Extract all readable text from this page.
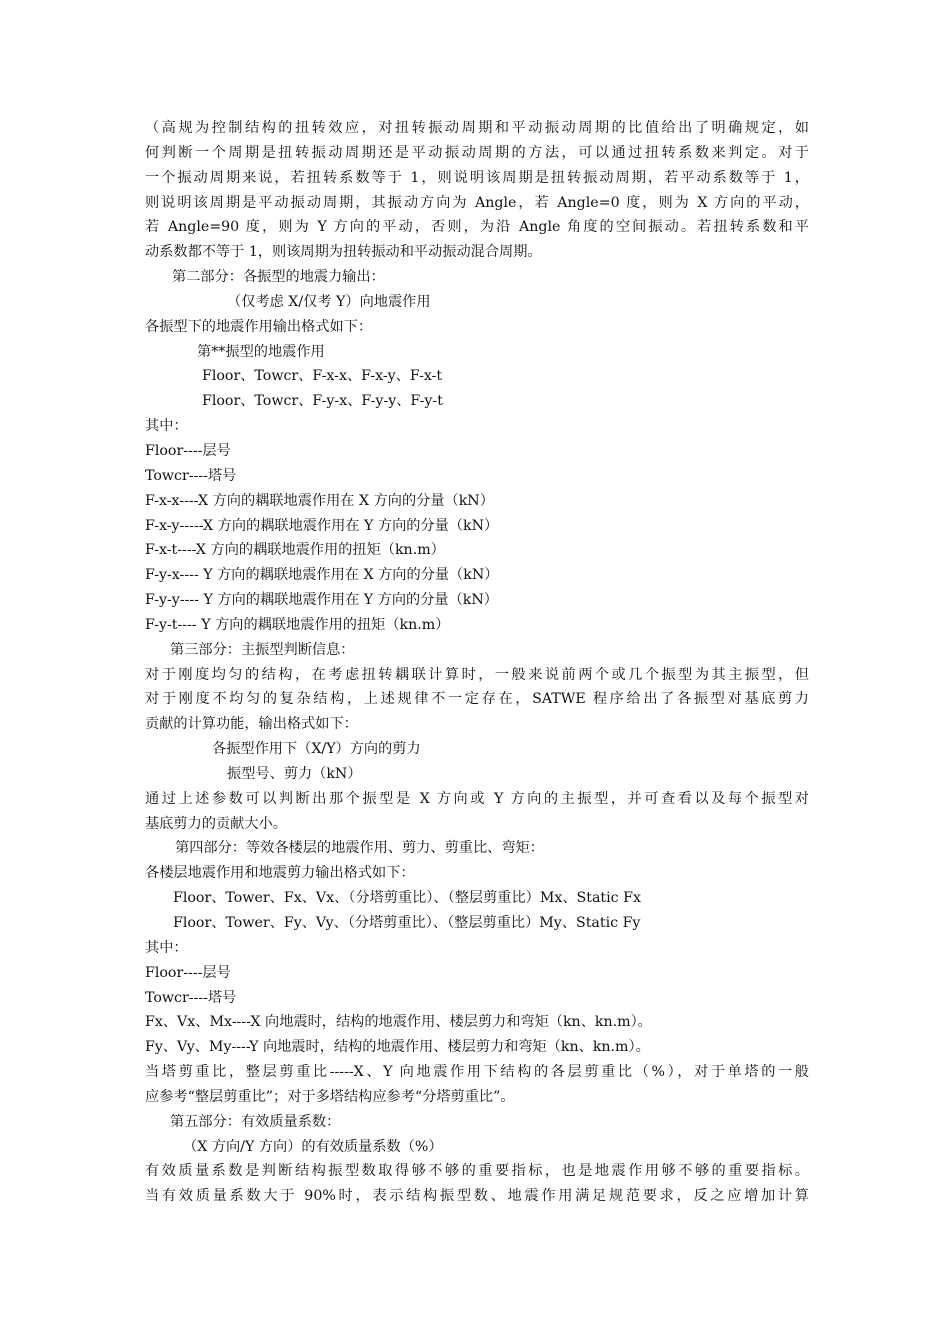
（高规为控制结构的扭转效应，对扭转振动周期和平动振动周期的比值给出了明确规定，如
何判断一个周期是扭转振动周期还是平动振动周期的方法，可以通过扭转系数来判定。对于
一个振动周期来说，若扭转系数等于 1，则说明该周期是扭转振动周期，若平动系数等于 1，
则说明该周期是平动振动周期，其振动方向为 Angle，若 Angle=0 度，则为 X 方向的平动，
若 Angle=90 度，则为 Y 方向的平动，否则，为沿 Angle 角度的空间振动。若扭转系数和平
动系数都不等于 1，则该周期为扭转振动和平动振动混合周期。
第二部分：各振型的地震力输出：
（仅考虑 X/仅考 Y）向地震作用
各振型下的地震作用输出格式如下：
第**振型的地震作用
Floor、Towcr、F-x-x、F-x-y、F-x-t
Floor、Towcr、F-y-x、F-y-y、F-y-t
其中：
Floor----层号
Towcr----塔号
F-x-x----X 方向的耦联地震作用在 X 方向的分量（kN）
F-x-y-----X 方向的耦联地震作用在 Y 方向的分量（kN）
F-x-t----X 方向的耦联地震作用的扭矩（kn.m）
F-y-x---- Y 方向的耦联地震作用在 X 方向的分量（kN）
F-y-y---- Y 方向的耦联地震作用在 Y 方向的分量（kN）
F-y-t---- Y 方向的耦联地震作用的扭矩（kn.m）
第三部分：主振型判断信息：
对于刚度均匀的结构，在考虑扭转耦联计算时，一般来说前两个或几个振型为其主振型，但
对于刚度不均匀的复杂结构，上述规律不一定存在，SATWE 程序给出了各振型对基底剪力
贡献的计算功能，输出格式如下：
各振型作用下（X/Y）方向的剪力
振型号、剪力（kN）
通过上述参数可以判断出那个振型是 X 方向或 Y 方向的主振型，并可查看以及每个振型对
基底剪力的贡献大小。
第四部分：等效各楼层的地震作用、剪力、剪重比、弯矩：
各楼层地震作用和地震剪力输出格式如下：
Floor、Tower、Fx、Vx、（分塔剪重比）、（整层剪重比）Mx、Static Fx
Floor、Tower、Fy、Vy、（分塔剪重比）、（整层剪重比）My、Static Fy
其中：
Floor----层号
Towcr----塔号
Fx、Vx、Mx----X 向地震时，结构的地震作用、楼层剪力和弯矩（kn、kn.m）。
Fy、Vy、My----Y 向地震时，结构的地震作用、楼层剪力和弯矩（kn、kn.m）。
当塔剪重比，整层剪重比-----X、Y 向地震作用下结构的各层剪重比（%），对于单塔的一般
应参考“整层剪重比”；对于多塔结构应参考“分塔剪重比”。
第五部分：有效质量系数：
（X 方向/Y 方向）的有效质量系数（%）
有效质量系数是判断结构振型数取得够不够的重要指标，也是地震作用够不够的重要指标。
当有效质量系数大于 90%时，表示结构振型数、地震作用满足规范要求，反之应增加计算
